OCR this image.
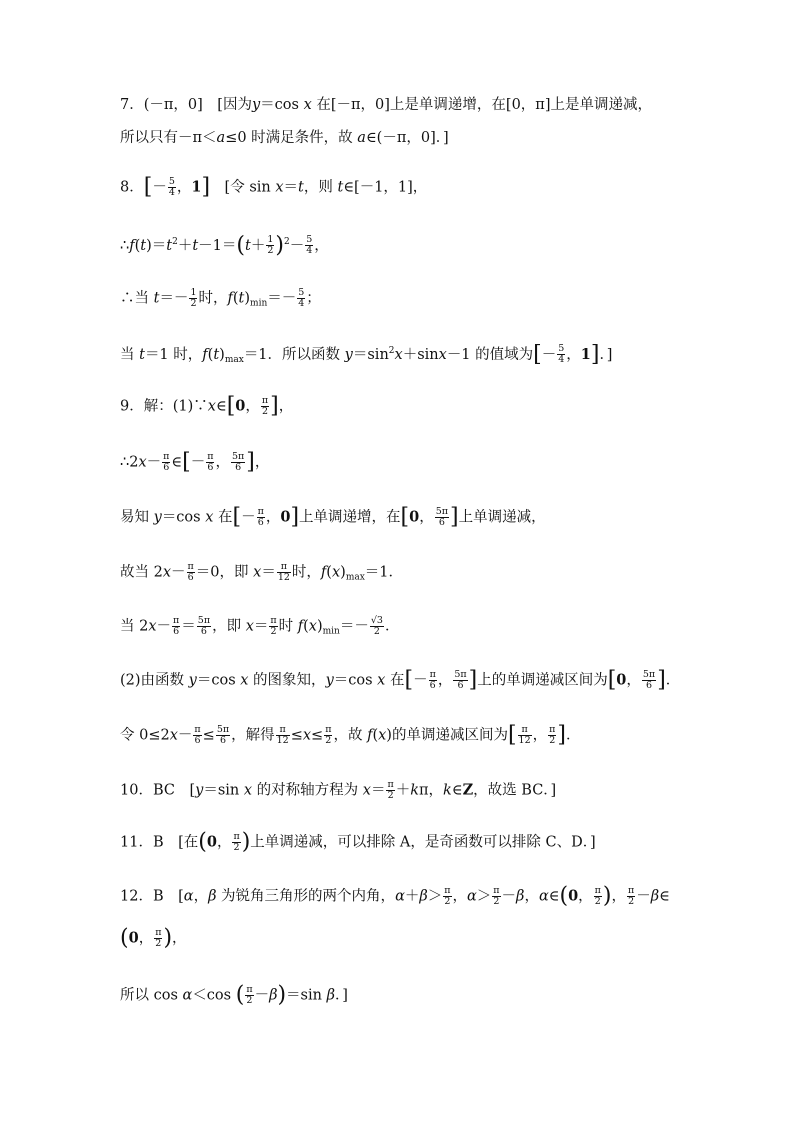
7．(－π，0]　[因为y＝cos x 在[－π，0]上是单调递增，在[0，π]上是单调递减，
所以只有－π＜a≤0 时满足条件，故 a∈(－π，0]．]
8．[－ $\frac{5}{4}$ ，1]　[令 sin x＝t，则 t∈[－1，1]，
$\therefore f(t)=t^2+t-1=(t+ \frac{1}{2} )^2- \frac{5}{4}$ ，
∴当 $t=- \frac{1}{2}$ 时，$f(t)_{min}=- \frac{5}{4}$ ；
当 t＝1 时，$f(t)_{max}=1$．所以函数 $y=\sin^2x+\sin x-1$ 的值域为[－ $\frac{5}{4}$ ，1]．]
9．解：(1)∵x∈[0， $\frac{\pi}{2}$ ]，
∴2x－ $\frac{\pi}{6}$ ∈[－ $\frac{\pi}{6}$ ， $\frac{5\pi}{6}$ ]，
易知 y＝cos x 在[－ $\frac{\pi}{6}$ ，0]上单调递增，在[0， $\frac{5\pi}{6}$ ]上单调递减，
故当 $2x- \frac{\pi}{6} =0$，即 $x= \frac{\pi}{12}$ 时，$f(x)_{max}=1$．
当 $2x- \frac{\pi}{6} = \frac{5\pi}{6}$ ，即 $x= \frac{\pi}{2}$ 时 $f(x)_{min}=- \frac{√3}{2}$ ．
(2)由函数 y＝cos x 的图象知，y＝cos x 在[－ $\frac{\pi}{6}$ ， $\frac{5\pi}{6}$ ]上的单调递减区间为[0， $\frac{5\pi}{6}$ ]．
令 $0\le 2x- \frac{\pi}{6} \le \frac{5\pi}{6}$ ，解得 $\frac{\pi}{12} \le x\le \frac{\pi}{2}$ ，故 f(x)的单调递减区间为[ $\frac{\pi}{12}$ ， $\frac{\pi}{2}$ ]．
10．BC　[y＝sin x 的对称轴方程为 $x= \frac{\pi}{2} +k\pi$，k∈Z，故选 BC．]
11．B　[在(0， $\frac{\pi}{2}$ )上单调递减，可以排除 A，是奇函数可以排除 C、D．]
12．B　[α，β 为锐角三角形的两个内角，$\alpha+\beta> \frac{\pi}{2}$ ，$\alpha> \frac{\pi}{2} -\beta$，α∈(0， $\frac{\pi}{2}$ )， $\frac{\pi}{2}$ －β∈
(0， $\frac{\pi}{2}$ )，
所以 cos α＜cos ( $\frac{\pi}{2} -\beta)=\sin$ β．]
